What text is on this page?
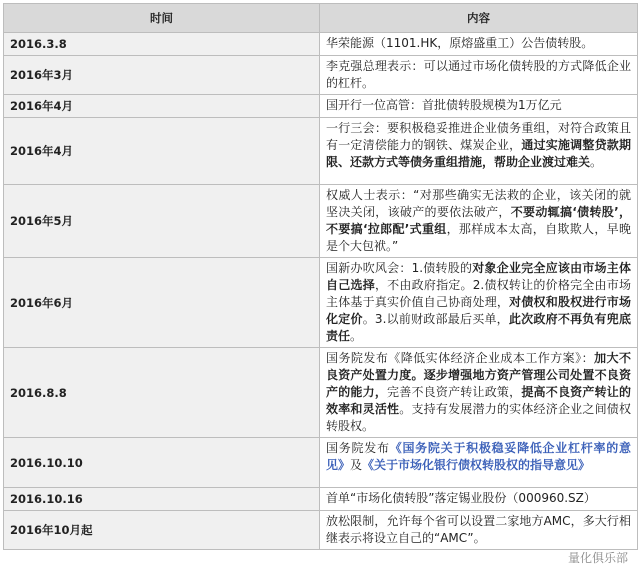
时间	内容
2016.3.8	华荣能源（1101.HK，原熔盛重工）公告债转股。
2016年3月	李克强总理表示：可以通过市场化债转股的方式降低企业的杠杆。
2016年4月	国开行一位高管：首批债转股规模为1万亿元
2016年4月	一行三会：要积极稳妥推进企业债务重组，对符合政策且有一定清偿能力的钢铁、煤炭企业，通过实施调整贷款期限、还款方式等债务重组措施，帮助企业渡过难关。
2016年5月	权威人士表示：“对那些确实无法救的企业，该关闭的就坚决关闭，该破产的要依法破产，不要动辄搞‘债转股’，不要搞‘拉郎配’式重组，那样成本太高，自欺欺人，早晚是个大包袱。”
2016年6月	国新办吹风会：1.债转股的对象企业完全应该由市场主体自己选择，不由政府指定。2.债权转让的价格完全由市场主体基于真实价值自己协商处理，对债权和股权进行市场化定价。3.以前财政部最后买单，此次政府不再负有兜底责任。
2016.8.8	国务院发布《降低实体经济企业成本工作方案》：加大不良资产处置力度。逐步增强地方资产管理公司处置不良资产的能力，完善不良资产转让政策，提高不良资产转让的效率和灵活性。支持有发展潜力的实体经济企业之间债权转股权。
2016.10.10	国务院发布《国务院关于积极稳妥降低企业杠杆率的意见》及《关于市场化银行债权转股权的指导意见》
2016.10.16	首单“市场化债转股”落定锡业股份（000960.SZ）
2016年10月起	放松限制，允许每个省可以设置二家地方AMC，多大行相继表示将设立自己的“AMC”。
量化俱乐部
